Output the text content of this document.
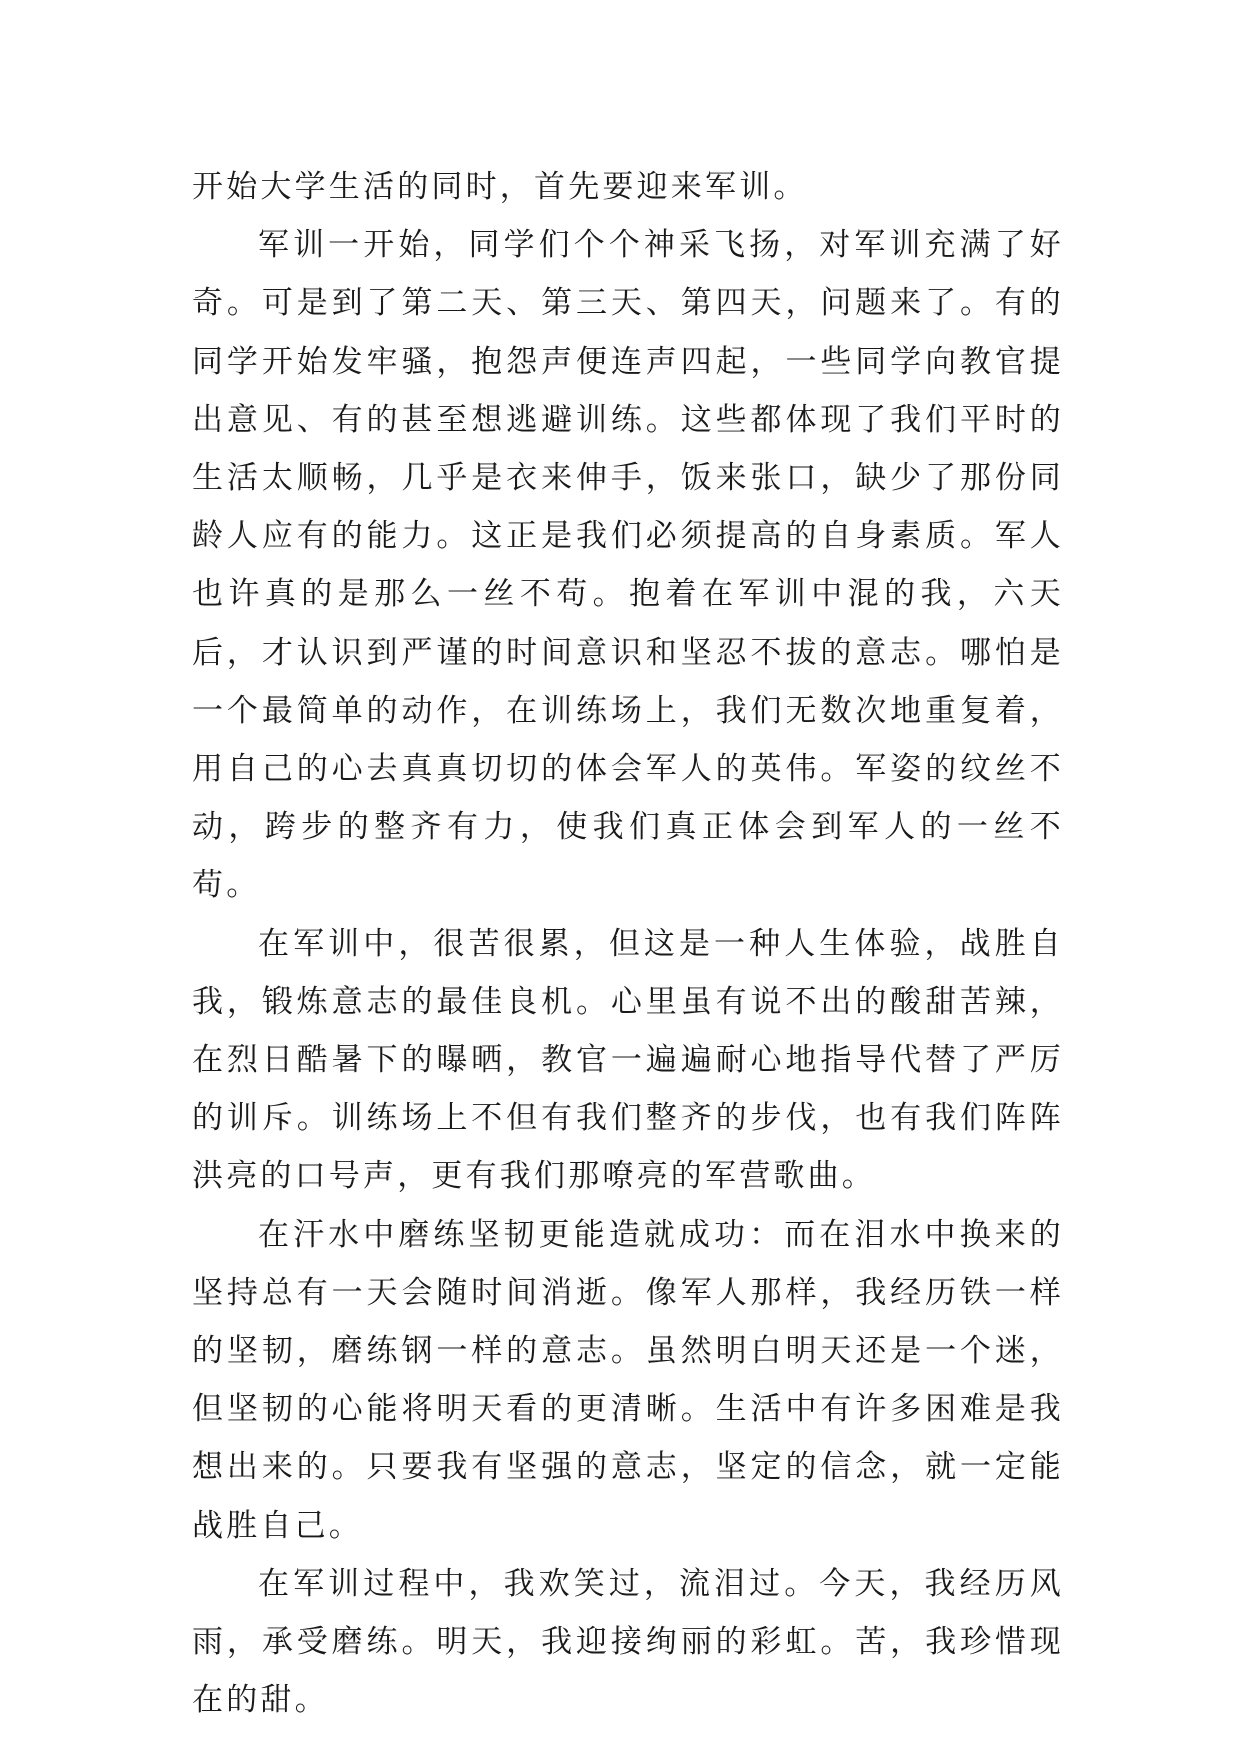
开始大学生活的同时，首先要迎来军训。

军训一开始，同学们个个神采飞扬，对军训充满了好奇。可是到了第二天、第三天、第四天，问题来了。有的同学开始发牢骚，抱怨声便连声四起，一些同学向教官提出意见、有的甚至想逃避训练。这些都体现了我们平时的生活太顺畅，几乎是衣来伸手，饭来张口，缺少了那份同龄人应有的能力。这正是我们必须提高的自身素质。军人也许真的是那么一丝不苟。抱着在军训中混的我，六天后，才认识到严谨的时间意识和坚忍不拔的意志。哪怕是一个最简单的动作，在训练场上，我们无数次地重复着，用自己的心去真真切切的体会军人的英伟。军姿的纹丝不动，跨步的整齐有力，使我们真正体会到军人的一丝不苟。

在军训中，很苦很累，但这是一种人生体验，战胜自我，锻炼意志的最佳良机。心里虽有说不出的酸甜苦辣，在烈日酷暑下的曝晒，教官一遍遍耐心地指导代替了严厉的训斥。训练场上不但有我们整齐的步伐，也有我们阵阵洪亮的口号声，更有我们那嘹亮的军营歌曲。

在汗水中磨练坚韧更能造就成功：而在泪水中换来的坚持总有一天会随时间消逝。像军人那样，我经历铁一样的坚韧，磨练钢一样的意志。虽然明白明天还是一个迷，但坚韧的心能将明天看的更清晰。生活中有许多困难是我想出来的。只要我有坚强的意志，坚定的信念，就一定能战胜自己。

在军训过程中，我欢笑过，流泪过。今天，我经历风雨，承受磨练。明天，我迎接绚丽的彩虹。苦，我珍惜现在的甜。
